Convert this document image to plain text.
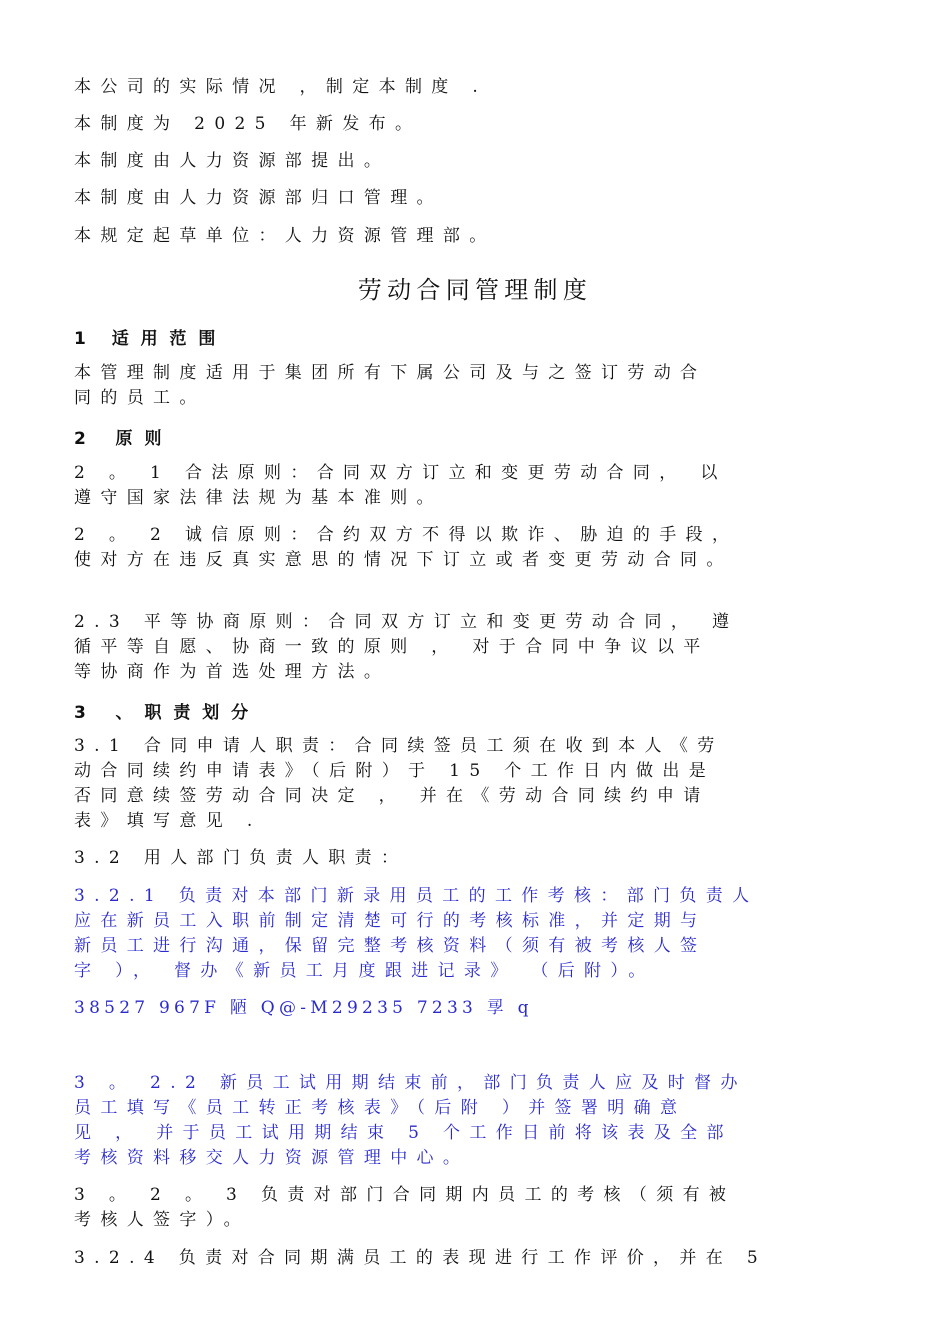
本公司的实际情况 ，制定本制度 .
本制度为 2025 年新发布。
本制度由人力资源部提出。
本制度由人力资源部归口管理。
本规定起草单位：人力资源管理部。
劳动合同管理制度
1 适用范围
本管理制度适用于集团所有下属公司及与之签订劳动合
同的员工。
2 原则
2 。 1 合法原则：合同双方订立和变更劳动合同， 以
遵守国家法律法规为基本准则。
2 。 2 诚信原则：合约双方不得以欺诈、胁迫的手段，
使对方在违反真实意思的情况下订立或者变更劳动合同。
2.3 平等协商原则：合同双方订立和变更劳动合同， 遵
循平等自愿、协商一致的原则 ， 对于合同中争议以平
等协商作为首选处理方法。
3 、职责划分
3.1 合同申请人职责：合同续签员工须在收到本人《劳
动合同续约申请表》（后附）于 15 个工作日内做出是
否同意续签劳动合同决定 ， 并在《劳动合同续约申请
表》填写意见 .
3.2 用人部门负责人职责：
3.2.1 负责对本部门新录用员工的工作考核：部门负责人
应在新员工入职前制定清楚可行的考核标准，并定期与
新员工进行沟通，保留完整考核资料（须有被考核人签
字 ）， 督办《新员工月度跟进记录》 （后附）。
38527 967F 陋 Q@-M29235 7233 孠 q
3 。 2.2 新员工试用期结束前，部门负责人应及时督办
员工填写《员工转正考核表》（后附 ）并签署明确意
见 ， 并于员工试用期结束 5 个工作日前将该表及全部
考核资料移交人力资源管理中心。
3 。 2 。 3 负责对部门合同期内员工的考核（须有被
考核人签字）。
3.2.4 负责对合同期满员工的表现进行工作评价，并在 5
